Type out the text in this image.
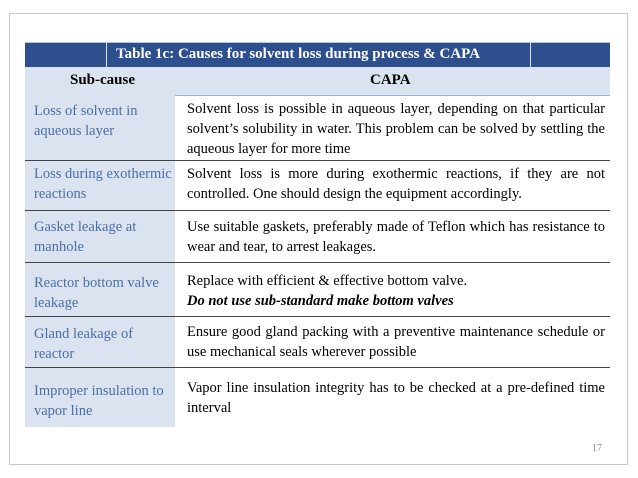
Table 1c: Causes for solvent loss during process & CAPA
Sub-cause	CAPA
Loss of solvent in aqueous layer
Solvent loss is possible in aqueous layer, depending on that particular solvent’s solubility in water. This problem can be solved by settling the aqueous layer for more time
Loss during exothermic reactions
Solvent loss is more during exothermic reactions, if they are not controlled. One should design the equipment accordingly.
Gasket leakage at manhole
Use suitable gaskets, preferably made of Teflon which has resistance to wear and tear, to arrest leakages.
Reactor bottom valve leakage
Replace with efficient & effective bottom valve.
Do not use sub-standard make bottom valves
Gland leakage of reactor
Ensure good gland packing with a preventive maintenance schedule or use mechanical seals wherever possible
Improper insulation to vapor line
Vapor line insulation integrity has to be checked at a pre-defined time interval
17
